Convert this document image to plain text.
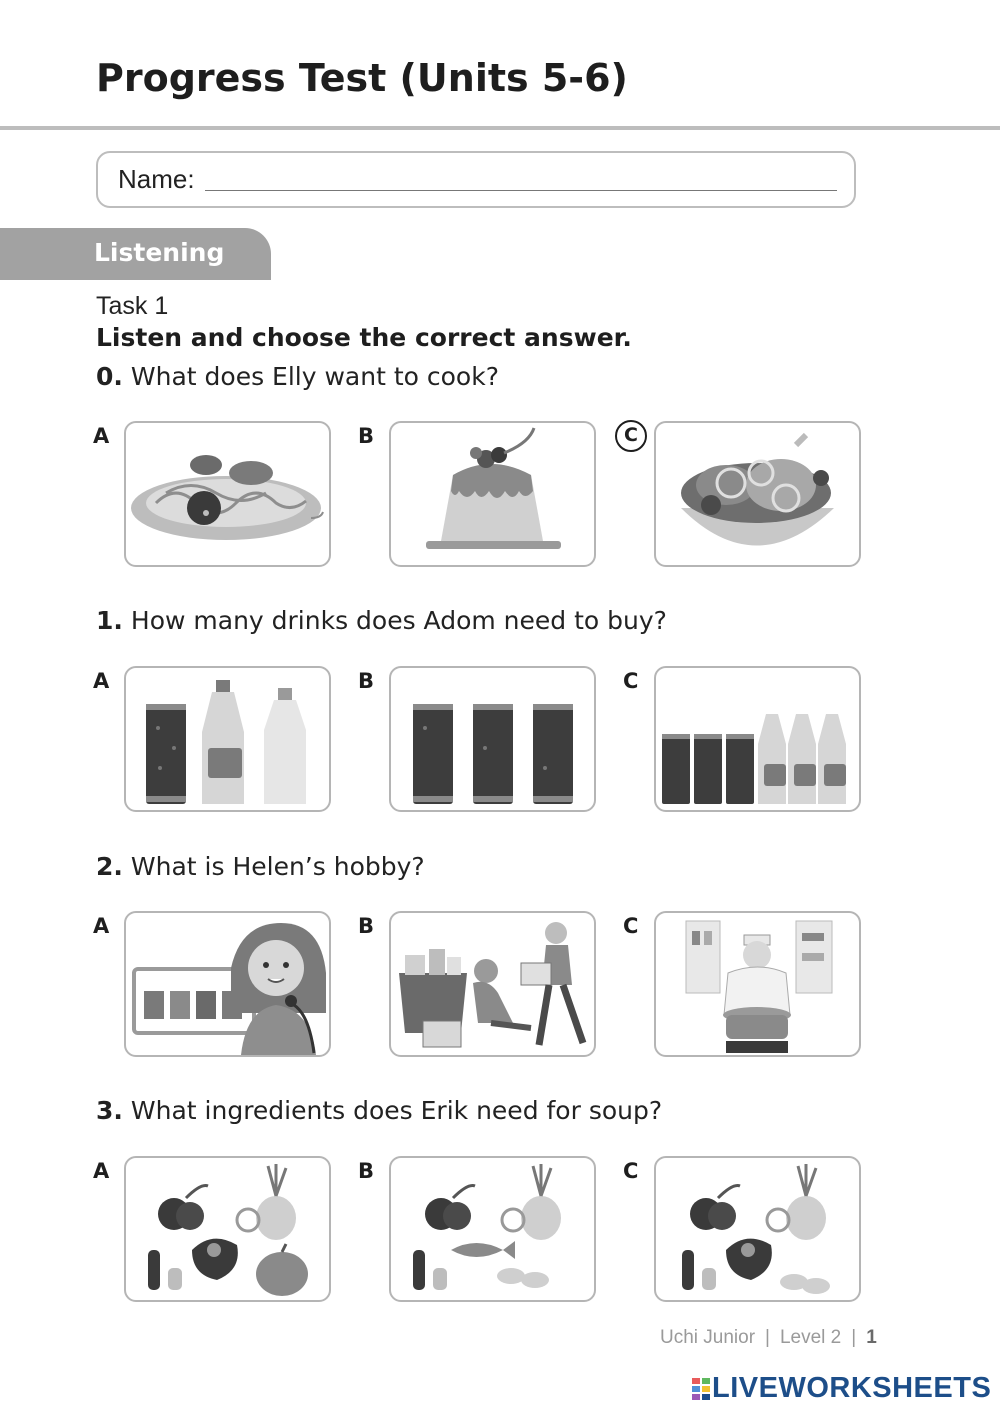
Progress Test (Units 5-6)
Name:
Listening
Task 1
Listen and choose the correct answer.
0. What does Elly want to cook?
A	B	C
1. How many drinks does Adom need to buy?
A	B	C
2. What is Helen’s hobby?
A	B	C
3. What ingredients does Erik need for soup?
A	B	C
Uchi Junior | Level 2 | 1
LIVEWORKSHEETS
